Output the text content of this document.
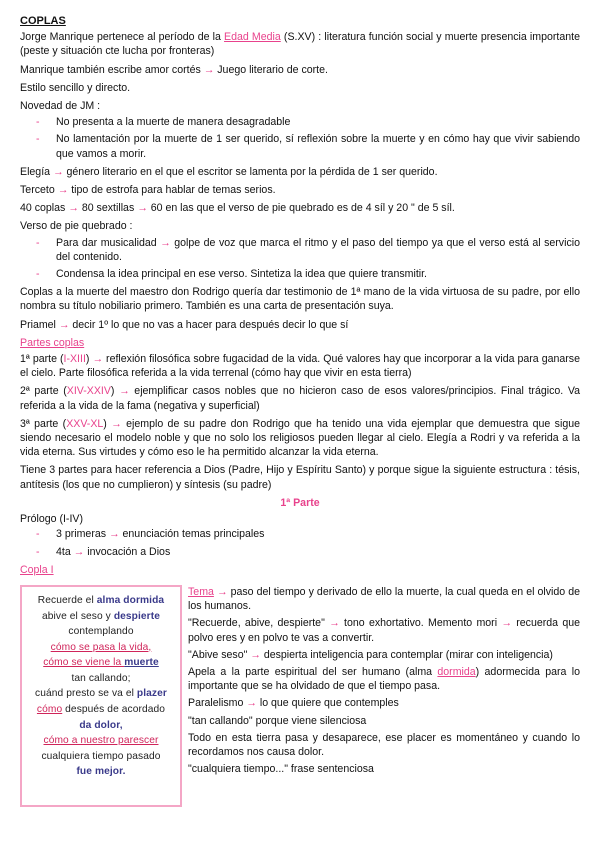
COPLAS

Jorge Manrique pertenece al período de la Edad Media (S.XV) : literatura función social y muerte presencia importante (peste y situación cte lucha por fronteras)

Manrique también escribe amor cortés → Juego literario de corte.

Estilo sencillo y directo.

Novedad de JM :

- No presenta a la muerte de manera desagradable
- No lamentación por la muerte de 1 ser querido, sí reflexión sobre la muerte y en cómo hay que vivir sabiendo que vamos a morir.

Elegía → género literario en el que el escritor se lamenta por la pérdida de 1 ser querido.

Terceto → tipo de estrofa para hablar de temas serios.

40 coplas → 80 sextillas → 60 en las que el verso de pie quebrado es de 4 síl y 20 " de 5 síl.

Verso de pie quebrado :

- Para dar musicalidad → golpe de voz que marca el ritmo y el paso del tiempo ya que el verso está al servicio del contenido.
- Condensa la idea principal en ese verso. Sintetiza la idea que quiere transmitir.

Coplas a la muerte del maestro don Rodrigo quería dar testimonio de 1ª mano de la vida virtuosa de su padre, por ello nombra su título nobiliario primero. También es una carta de presentación suya.

Priamel → decir 1º lo que no vas a hacer para después decir lo que sí

Partes coplas

1ª parte (I-XIII) → reflexión filosófica sobre fugacidad de la vida. Qué valores hay que incorporar a la vida para ganarse el cielo. Parte filosófica referida a la vida terrenal (cómo hay que vivir en esta tierra)

2ª parte (XIV-XXIV) → ejemplificar casos nobles que no hicieron caso de esos valores/principios. Final trágico. Va referida a la vida de la fama (negativa y superficial)

3ª parte (XXV-XL) → ejemplo de su padre don Rodrigo que ha tenido una vida ejemplar que demuestra que sigue siendo necesario el modelo noble y que no solo los religiosos pueden llegar al cielo. Elegía a Rodri y va referida a la vida eterna. Sus virtudes y cómo eso le ha permitido alcanzar la vida eterna.

Tiene 3 partes para hacer referencia a Dios (Padre, Hijo y Espíritu Santo) y porque sigue la siguiente estructura : tésis, antítesis (los que no cumplieron) y síntesis (su padre)

1ª Parte

Prólogo (I-IV)

- 3 primeras → enunciación temas principales
- 4ta → invocación a Dios

Copla I

Recuerde el alma dormida
abive el seso y despierte
contemplando
cómo se pasa la vida,
cómo se viene la muerte
tan callando;
cuánd presto se va el plazer
cómo después de acordado
da dolor,
cómo a nuestro parescer
cualquiera tiempo pasado
fue mejor.

Tema → paso del tiempo y derivado de ello la muerte, la cual queda en el olvido de los humanos.

"Recuerde, abive, despierte" → tono exhortativo. Memento mori → recuerda que polvo eres y en polvo te vas a convertir.

"Abive seso" → despierta inteligencia para contemplar (mirar con inteligencia)

Apela a la parte espiritual del ser humano (alma dormida) adormecida para lo importante que se ha olvidado de que el tiempo pasa.

Paralelismo → lo que quiere que contemples

"tan callando" porque viene silenciosa

Todo en esta tierra pasa y desaparece, ese placer es momentáneo y cuando lo recordamos nos causa dolor.

"cualquiera tiempo..." frase sentenciosa
